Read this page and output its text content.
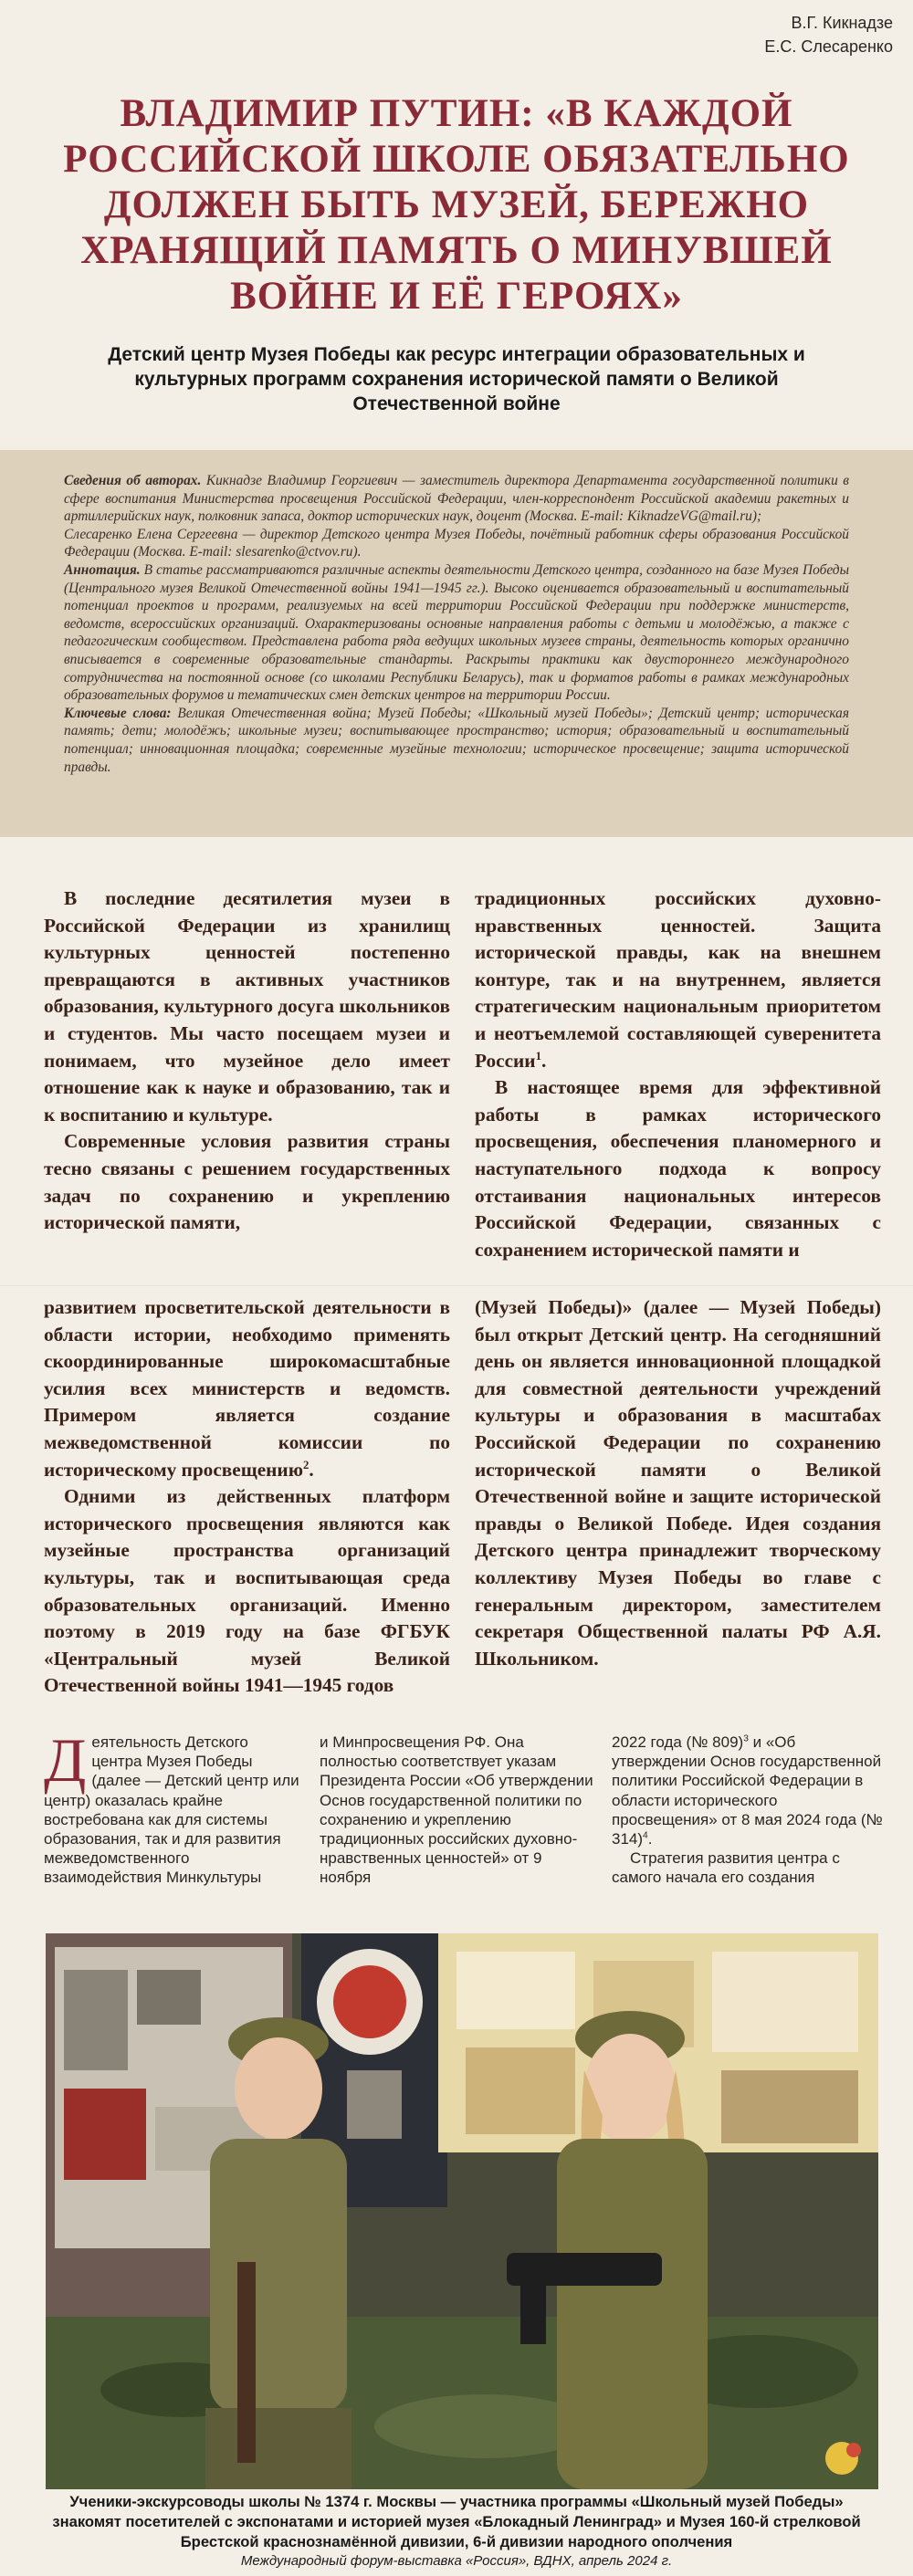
В.Г. Кикнадзе
Е.С. Слесаренко
ВЛАДИМИР ПУТИН: «В КАЖДОЙ РОССИЙСКОЙ ШКОЛЕ ОБЯЗАТЕЛЬНО ДОЛЖЕН БЫТЬ МУЗЕЙ, БЕРЕЖНО ХРАНЯЩИЙ ПАМЯТЬ О МИНУВШЕЙ ВОЙНЕ И ЕЁ ГЕРОЯХ»
Детский центр Музея Победы как ресурс интеграции образовательных и культурных программ сохранения исторической памяти о Великой Отечественной войне

Сведения об авторах. Кикнадзе Владимир Георгиевич — заместитель директора Департамента государственной политики в сфере воспитания Министерства просвещения Российской Федерации, член-корреспондент Российской академии ракетных и артиллерийских наук, полковник запаса, доктор исторических наук, доцент (Москва. E-mail: KiknadzeVG@mail.ru);

Слесаренко Елена Сергеевна — директор Детского центра Музея Победы, почётный работник сферы образования Российской Федерации (Москва. E-mail: slesarenko@ctvov.ru).

Аннотация. В статье рассматриваются различные аспекты деятельности Детского центра, созданного на базе Музея Победы (Центрального музея Великой Отечественной войны 1941—1945 гг.). Высоко оценивается образовательный и воспитательный потенциал проектов и программ, реализуемых на всей территории Российской Федерации при поддержке министерств, ведомств, всероссийских организаций. Охарактеризованы основные направления работы с детьми и молодёжью, а также с педагогическим сообществом. Представлена работа ряда ведущих школьных музеев страны, деятельность которых органично вписывается в современные образовательные стандарты. Раскрыты практики как двустороннего международного сотрудничества на постоянной основе (со школами Республики Беларусь), так и форматов работы в рамках международных образовательных форумов и тематических смен детских центров на территории России.

Ключевые слова: Великая Отечественная война; Музей Победы; «Школьный музей Победы»; Детский центр; историческая память; дети; молодёжь; школьные музеи; воспитывающее пространство; история; образовательный и воспитательный потенциал; инновационная площадка; современные музейные технологии; историческое просвещение; защита исторической правды.

В последние десятилетия музеи в Российской Федерации из хранилищ культурных ценностей постепенно превращаются в активных участников образования, культурного досуга школьников и студентов. Мы часто посещаем музеи и понимаем, что музейное дело имеет отношение как к науке и образованию, так и к воспитанию и культуре.

Современные условия развития страны тесно связаны с решением государственных задач по сохранению и укреплению исторической памяти,

традиционных российских духовно-нравственных ценностей. Защита исторической правды, как на внешнем контуре, так и на внутреннем, является стратегическим национальным приоритетом и неотъемлемой составляющей суверенитета России$^1$.

В настоящее время для эффективной работы в рамках исторического просвещения, обеспечения планомерного и наступательного подхода к вопросу отстаивания национальных интересов Российской Федерации, связанных с сохранением исторической памяти и

развитием просветительской деятельности в области истории, необходимо применять скоординированные широкомасштабные усилия всех министерств и ведомств. Примером является создание межведомственной комиссии по историческому просвещению$^2$.

Одними из действенных платформ исторического просвещения являются как музейные пространства организаций культуры, так и воспитывающая среда образовательных организаций. Именно поэтому в 2019 году на базе ФГБУК «Центральный музей Великой Отечественной войны 1941—1945 годов

(Музей Победы)» (далее — Музей Победы) был открыт Детский центр. На сегодняшний день он является инновационной площадкой для совместной деятельности учреждений культуры и образования в масштабах Российской Федерации по сохранению исторической памяти о Великой Отечественной войне и защите исторической правды о Великой Победе. Идея создания Детского центра принадлежит творческому коллективу Музея Победы во главе с генеральным директором, заместителем секретаря Общественной палаты РФ А.Я. Школьником.

Деятельность Детского центра Музея Победы (далее — Детский центр или центр) оказалась крайне востребована как для системы образования, так и для развития межведомственного взаимодействия Минкультуры

и Минпросвещения РФ. Она полностью соответствует указам Президента России «Об утверждении Основ государственной политики по сохранению и укреплению традиционных российских духовно-нравственных ценностей» от 9 ноября

2022 года (№ 809)$^3$ и «Об утверждении Основ государственной политики Российской Федерации в области исторического просвещения» от 8 мая 2024 года (№ 314)$^4$.

Стратегия развития центра с самого начала его создания

Ученики-экскурсоводы школы № 1374 г. Москвы — участника программы «Школьный музей Победы» знакомят посетителей с экспонатами и историей музея «Блокадный Ленинград» и Музея 160-й стрелковой Брестской краснознамённой дивизии, 6-й дивизии народного ополчения
Международный форум-выставка «Россия», ВДНХ, апрель 2024 г.
